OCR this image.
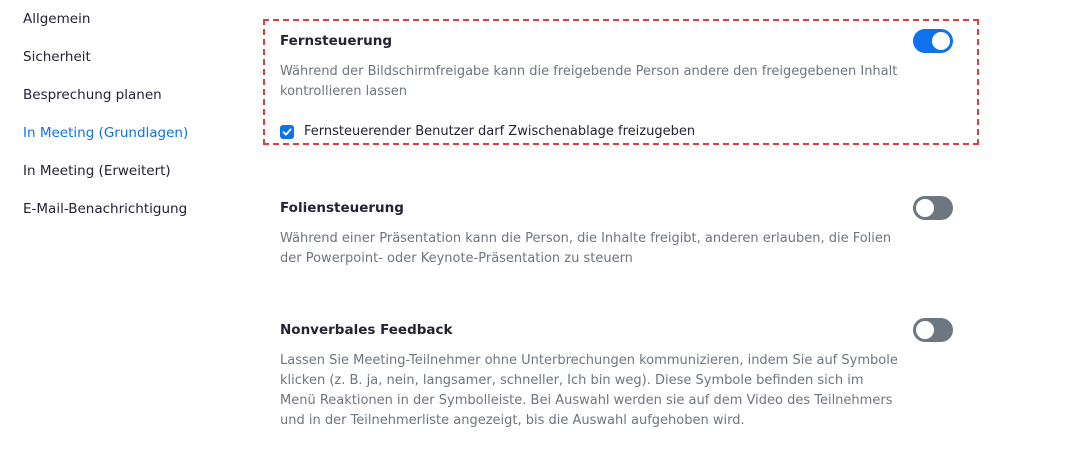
Allgemein
Sicherheit
Besprechung planen
In Meeting (Grundlagen)
In Meeting (Erweitert)
E-Mail-Benachrichtigung
Fernsteuerung
Während der Bildschirmfreigabe kann die freigebende Person andere den freigegebenen Inhalt kontrollieren lassen
Fernsteuerender Benutzer darf Zwischenablage freizugeben
Foliensteuerung
Während einer Präsentation kann die Person, die Inhalte freigibt, anderen erlauben, die Folien der Powerpoint- oder Keynote-Präsentation zu steuern
Nonverbales Feedback
Lassen Sie Meeting-Teilnehmer ohne Unterbrechungen kommunizieren, indem Sie auf Symbole klicken (z. B. ja, nein, langsamer, schneller, Ich bin weg). Diese Symbole befinden sich im Menü Reaktionen in der Symbolleiste. Bei Auswahl werden sie auf dem Video des Teilnehmers und in der Teilnehmerliste angezeigt, bis die Auswahl aufgehoben wird.
